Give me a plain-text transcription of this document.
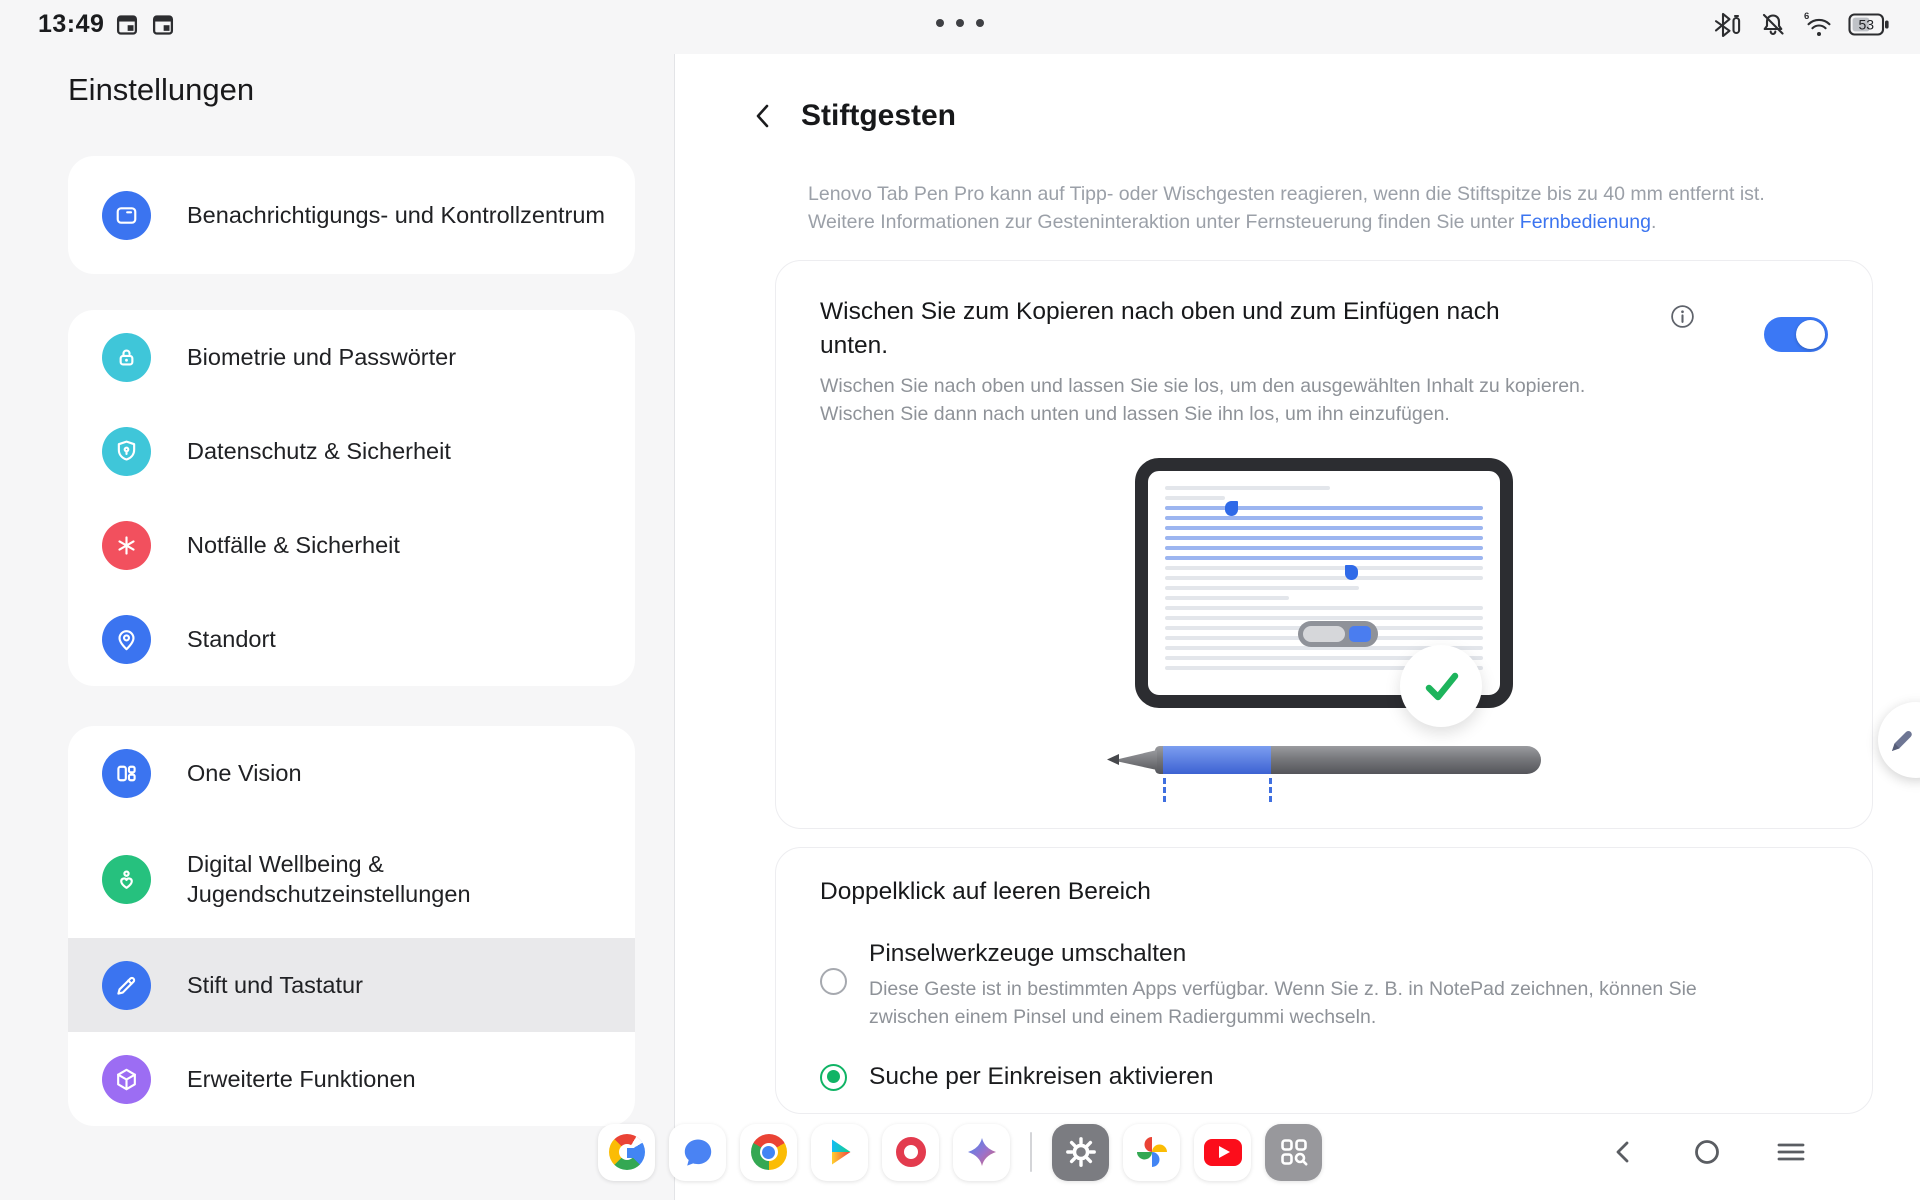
13:49	6
53
Einstellungen
Benachrichtigungs- und Kontrollzentrum
Biometrie und Passwörter
Datenschutz & Sicherheit
Notfälle & Sicherheit
Standort
One Vision
Digital Wellbeing & Jugendschutzeinstellungen
Stift und Tastatur
Erweiterte Funktionen
Stiftgesten
Lenovo Tab Pen Pro kann auf Tipp- oder Wischgesten reagieren, wenn die Stiftspitze bis zu 40 mm entfernt ist. Weitere Informationen zur Gesteninteraktion unter Fernsteuerung finden Sie unter Fernbedienung.
Wischen Sie zum Kopieren nach oben und zum Einfügen nach unten.
Wischen Sie nach oben und lassen Sie sie los, um den ausgewählten Inhalt zu kopieren.
Wischen Sie dann nach unten und lassen Sie ihn los, um ihn einzufügen.
Doppelklick auf leeren Bereich
Pinselwerkzeuge umschalten
Diese Geste ist in bestimmten Apps verfügbar. Wenn Sie z. B. in NotePad zeichnen, können Sie zwischen einem Pinsel und einem Radiergummi wechseln.
Suche per Einkreisen aktivieren
